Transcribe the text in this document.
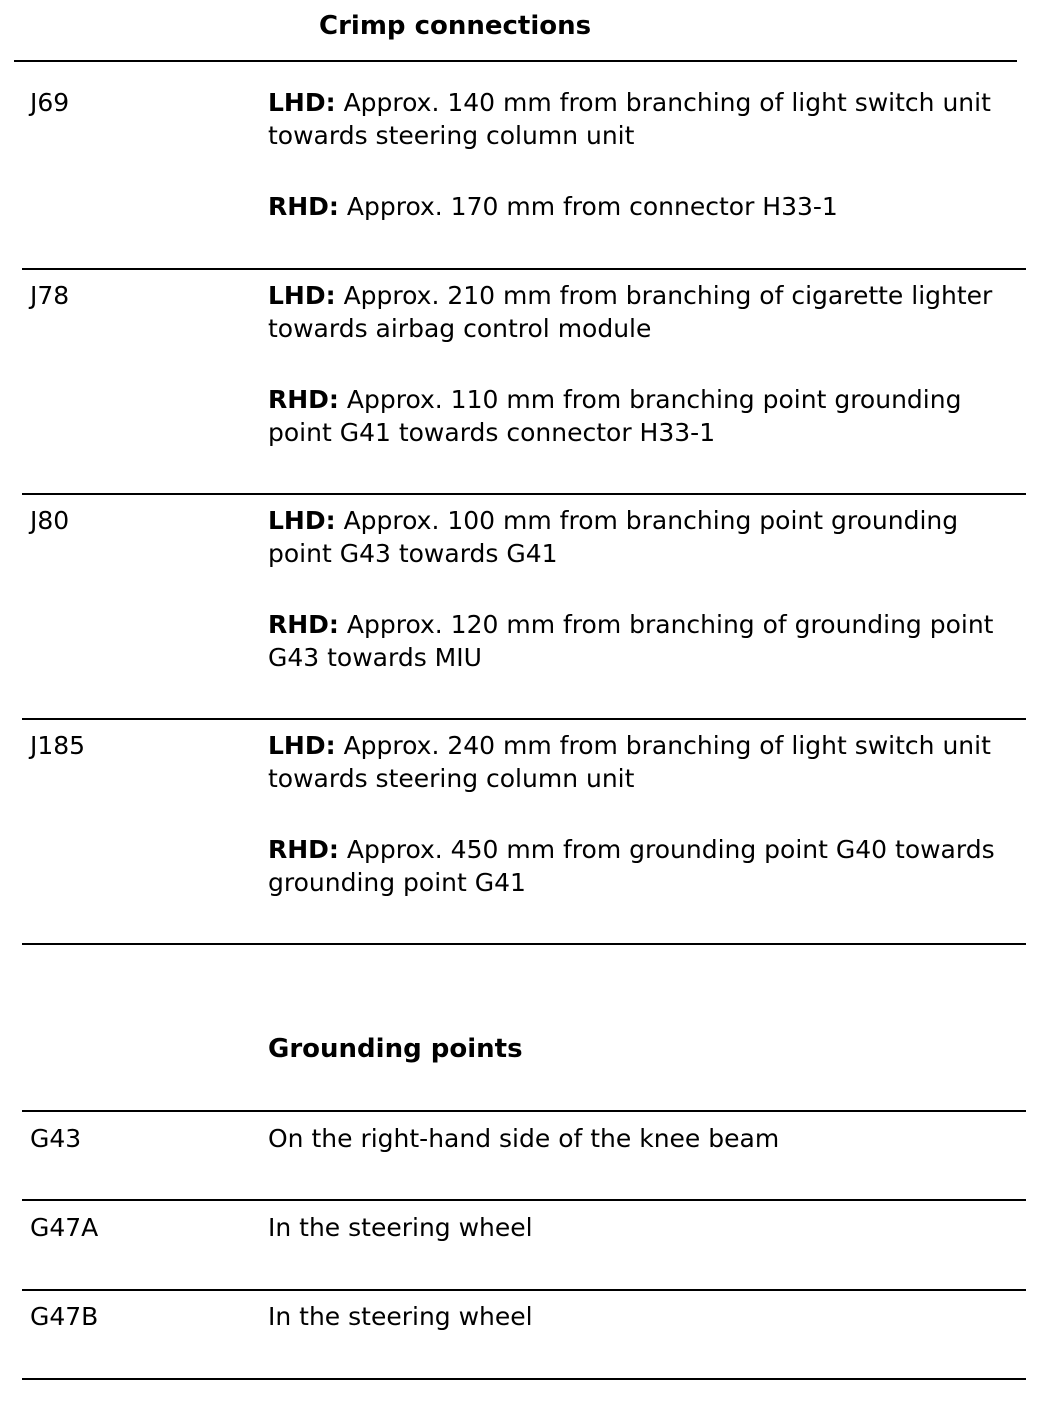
Crimp connections
J69	LHD: Approx. 140 mm from branching of light switch unit towards steering column unit
RHD: Approx. 170 mm from connector H33-1
J78	LHD: Approx. 210 mm from branching of cigarette lighter towards airbag control module
RHD: Approx. 110 mm from branching point grounding point G41 towards connector H33-1
J80	LHD: Approx. 100 mm from branching point grounding point G43 towards G41
RHD: Approx. 120 mm from branching of grounding point G43 towards MIU
J185	LHD: Approx. 240 mm from branching of light switch unit towards steering column unit
RHD: Approx. 450 mm from grounding point G40 towards grounding point G41
Grounding points
G43	On the right-hand side of the knee beam
G47A	In the steering wheel
G47B	In the steering wheel
